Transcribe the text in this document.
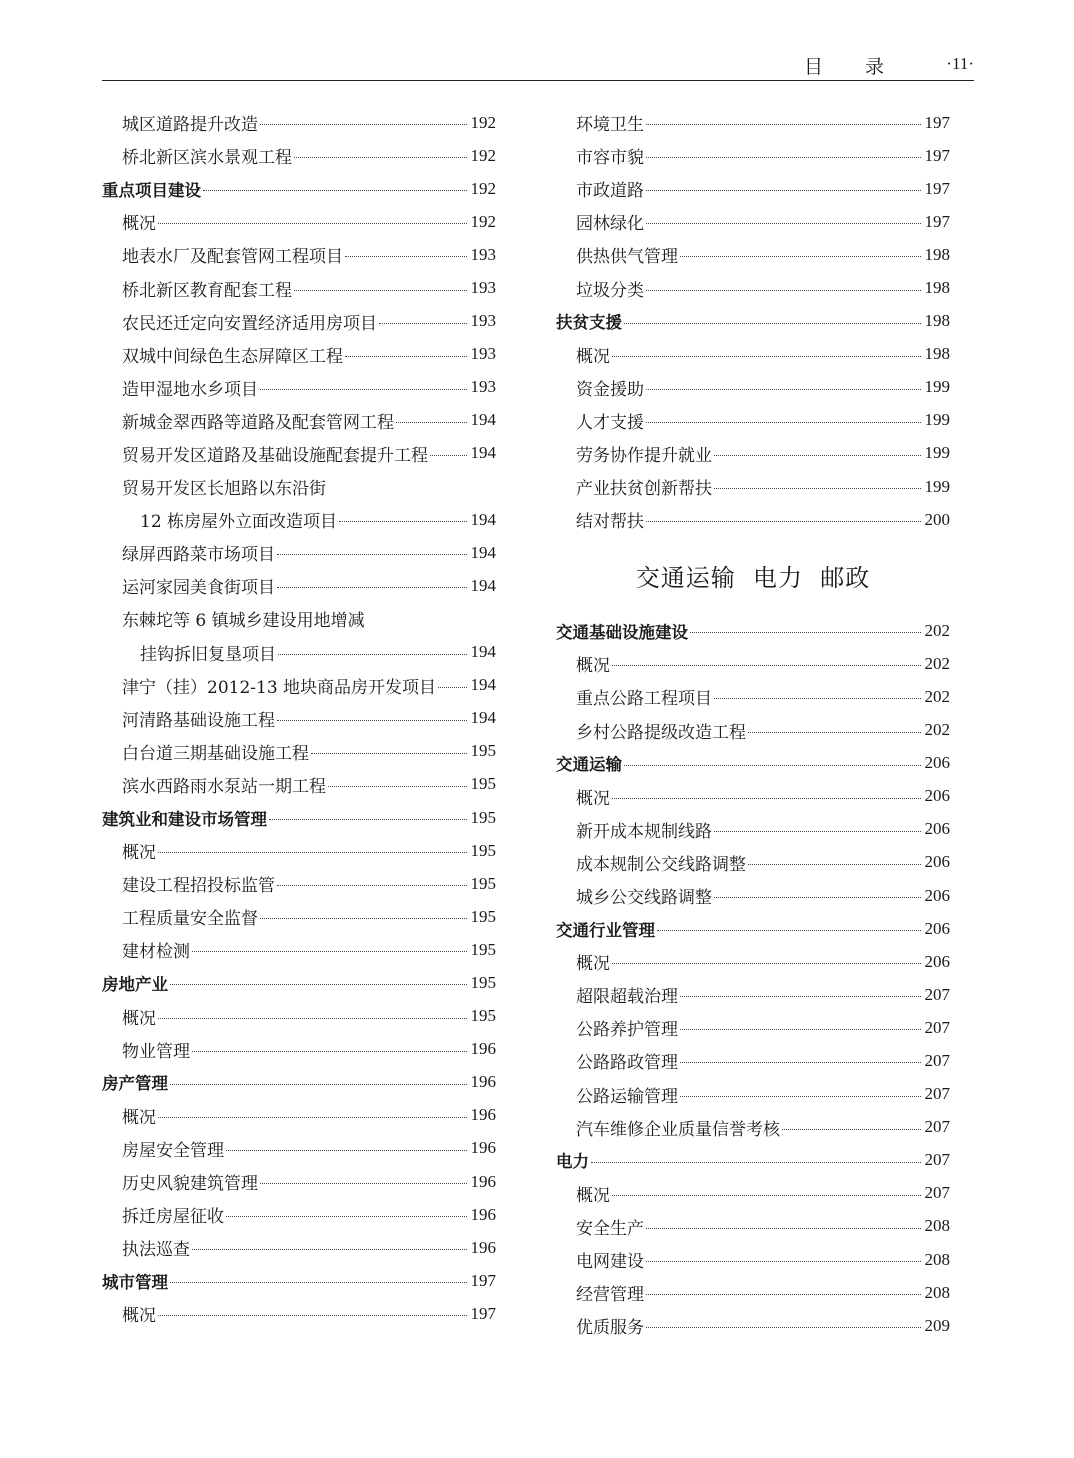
目 录	·11·
城区道路提升改造	192
桥北新区滨水景观工程	192
重点项目建设	192
概况	192
地表水厂及配套管网工程项目	193
桥北新区教育配套工程	193
农民还迁定向安置经济适用房项目	193
双城中间绿色生态屏障区工程	193
造甲湿地水乡项目	193
新城金翠西路等道路及配套管网工程	194
贸易开发区道路及基础设施配套提升工程	194
贸易开发区长旭路以东沿街
12 栋房屋外立面改造项目	194
绿屏西路菜市场项目	194
运河家园美食街项目	194
东棘坨等 6 镇城乡建设用地增减
挂钩拆旧复垦项目	194
津宁（挂）2012-13 地块商品房开发项目 194
河清路基础设施工程	194
白台道三期基础设施工程	195
滨水西路雨水泵站一期工程	195
建筑业和建设市场管理	195
概况	195
建设工程招投标监管	195
工程质量安全监督	195
建材检测	195
房地产业	195
概况	195
物业管理	196
房产管理	196
概况	196
房屋安全管理	196
历史风貌建筑管理	196
拆迁房屋征收	196
执法巡查	196
城市管理	197
概况	197
环境卫生	197
市容市貌	197
市政道路	197
园林绿化	197
供热供气管理	198
垃圾分类	198
扶贫支援	198
概况	198
资金援助	199
人才支援	199
劳务协作提升就业	199
产业扶贫创新帮扶	199
结对帮扶	200
交通运输  电力  邮政
交通基础设施建设	202
概况	202
重点公路工程项目	202
乡村公路提级改造工程	202
交通运输	206
概况	206
新开成本规制线路	206
成本规制公交线路调整	206
城乡公交线路调整	206
交通行业管理	206
概况	206
超限超载治理	207
公路养护管理	207
公路路政管理	207
公路运输管理	207
汽车维修企业质量信誉考核	207
电力	207
概况	207
安全生产	208
电网建设	208
经营管理	208
优质服务	209
